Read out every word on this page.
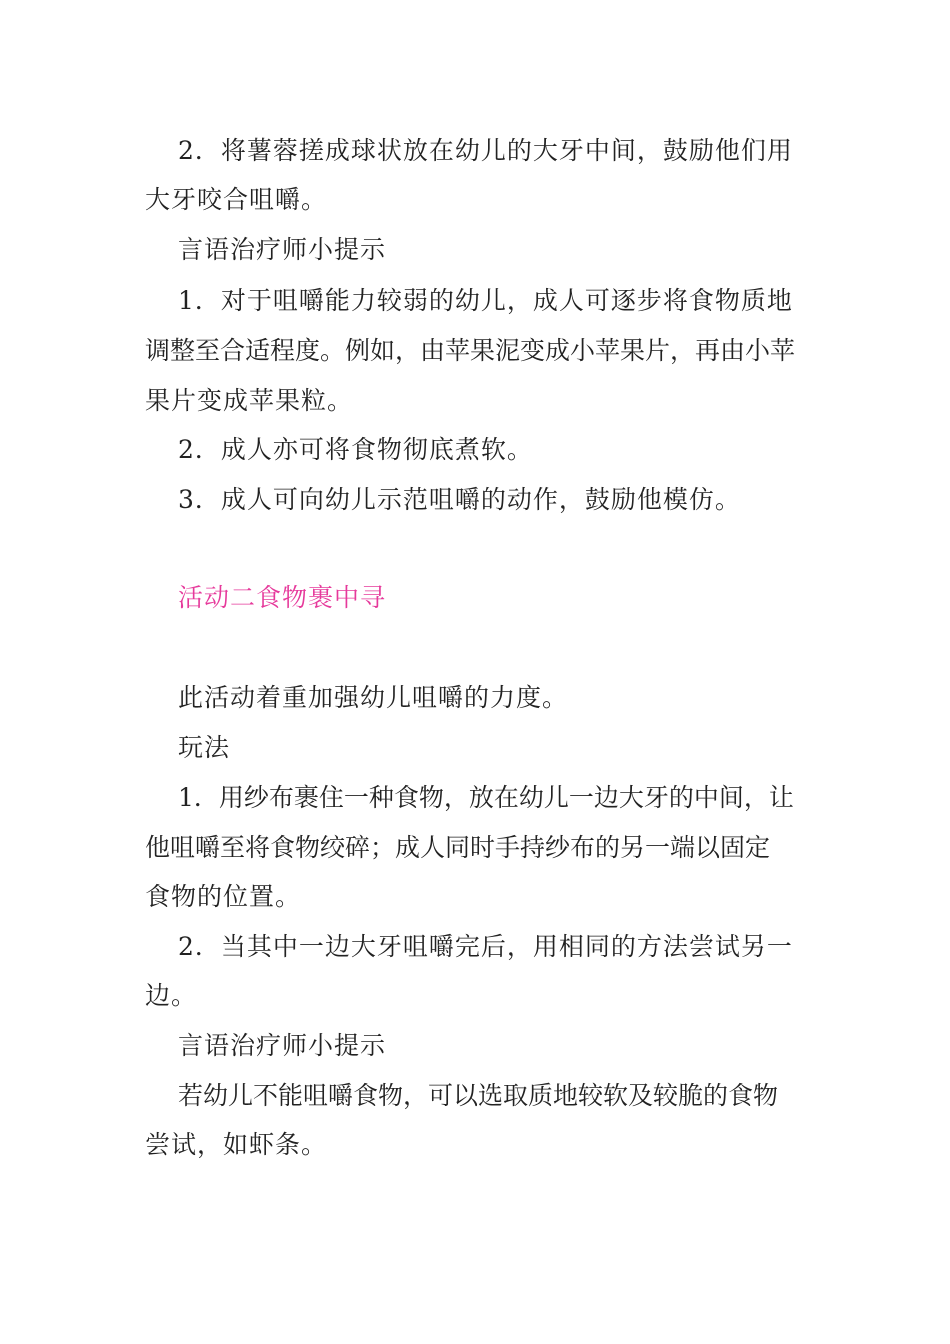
2．将薯蓉搓成球状放在幼儿的大牙中间，鼓励他们用
大牙咬合咀嚼。
言语治疗师小提示
1．对于咀嚼能力较弱的幼儿，成人可逐步将食物质地
调整至合适程度。例如，由苹果泥变成小苹果片，再由小苹
果片变成苹果粒。
2．成人亦可将食物彻底煮软。
3．成人可向幼儿示范咀嚼的动作，鼓励他模仿。
活动二食物裹中寻
此活动着重加强幼儿咀嚼的力度。
玩法
1．用纱布裹住一种食物，放在幼儿一边大牙的中间，让
他咀嚼至将食物绞碎；成人同时手持纱布的另一端以固定
食物的位置。
2．当其中一边大牙咀嚼完后，用相同的方法尝试另一
边。
言语治疗师小提示
若幼儿不能咀嚼食物，可以选取质地较软及较脆的食物
尝试，如虾条。
